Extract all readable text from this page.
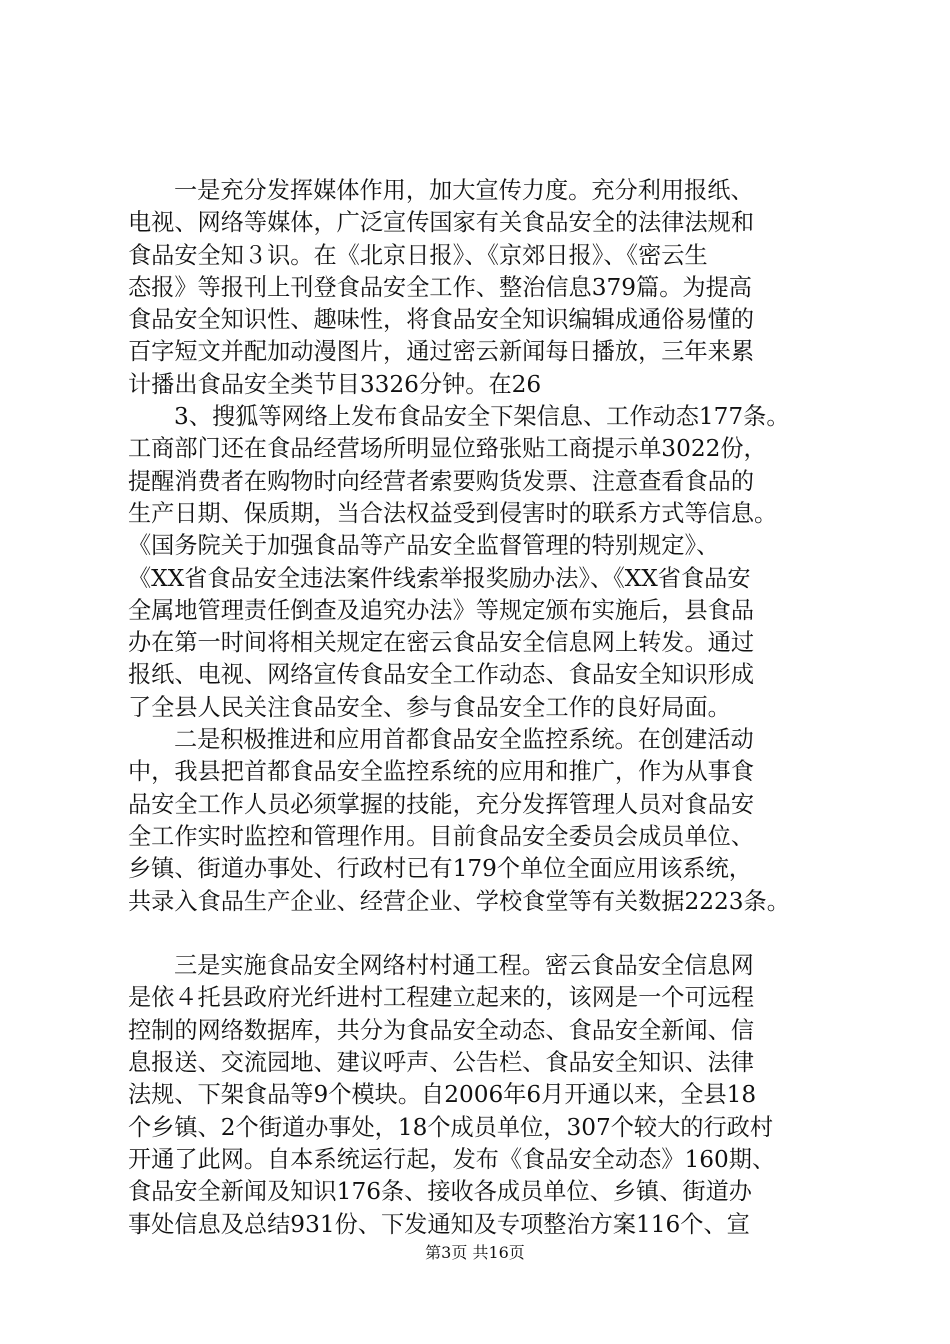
一是充分发挥媒体作用，加大宣传力度。充分利用报纸、
电视、网络等媒体，广泛宣传国家有关食品安全的法律法规和
食品安全知３识。在《北京日报》、《京郊日报》、《密云生
态报》等报刊上刊登食品安全工作、整治信息379篇。为提高
食品安全知识性、趣味性，将食品安全知识编辑成通俗易懂的
百字短文并配加动漫图片，通过密云新闻每日播放，三年来累
计播出食品安全类节目3326分钟。在26
3、搜狐等网络上发布食品安全下架信息、工作动态177条。
工商部门还在食品经营场所明显位臵张贴工商提示单3022份，
提醒消费者在购物时向经营者索要购货发票、注意查看食品的
生产日期、保质期，当合法权益受到侵害时的联系方式等信息。
《国务院关于加强食品等产品安全监督管理的特别规定》、
《XX省食品安全违法案件线索举报奖励办法》、《XX省食品安
全属地管理责任倒查及追究办法》等规定颁布实施后，县食品
办在第一时间将相关规定在密云食品安全信息网上转发。通过
报纸、电视、网络宣传食品安全工作动态、食品安全知识形成
了全县人民关注食品安全、参与食品安全工作的良好局面。
二是积极推进和应用首都食品安全监控系统。在创建活动
中，我县把首都食品安全监控系统的应用和推广，作为从事食
品安全工作人员必须掌握的技能，充分发挥管理人员对食品安
全工作实时监控和管理作用。目前食品安全委员会成员单位、
乡镇、街道办事处、行政村已有179个单位全面应用该系统，
共录入食品生产企业、经营企业、学校食堂等有关数据2223条。
三是实施食品安全网络村村通工程。密云食品安全信息网
是依４托县政府光纤进村工程建立起来的，该网是一个可远程
控制的网络数据库，共分为食品安全动态、食品安全新闻、信
息报送、交流园地、建议呼声、公告栏、食品安全知识、法律
法规、下架食品等9个模块。自2006年6月开通以来，全县18
个乡镇、2个街道办事处，18个成员单位，307个较大的行政村
开通了此网。自本系统运行起，发布《食品安全动态》160期、
食品安全新闻及知识176条、接收各成员单位、乡镇、街道办
事处信息及总结931份、下发通知及专项整治方案116个、宣
第3页 共16页
